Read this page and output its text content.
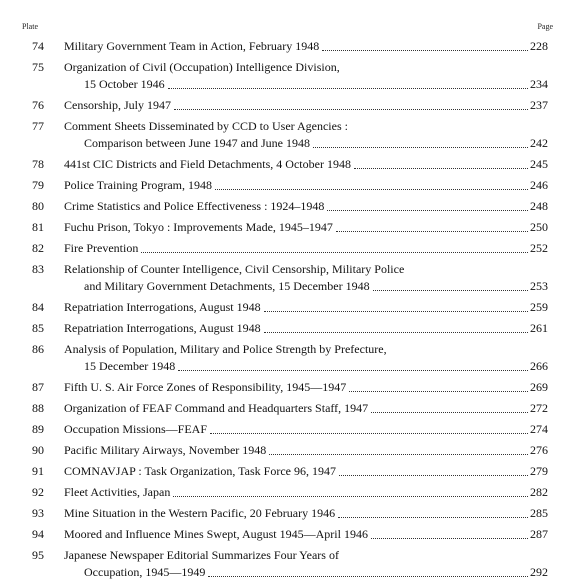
Plate	Page
74	Military Government Team in Action, February 1948	228
75	Organization of Civil (Occupation) Intelligence Division,
15 October 1946	234
76	Censorship, July 1947	237
77	Comment Sheets Disseminated by CCD to User Agencies :
Comparison between June 1947 and June 1948	242
78	441st CIC Districts and Field Detachments, 4 October 1948	245
79	Police Training Program, 1948	246
80	Crime Statistics and Police Effectiveness : 1924–1948	248
81	Fuchu Prison, Tokyo : Improvements Made, 1945–1947	250
82	Fire Prevention	252
83	Relationship of Counter Intelligence, Civil Censorship, Military Police
and Military Government Detachments, 15 December 1948	253
84	Repatriation Interrogations, August 1948	259
85	Repatriation Interrogations, August 1948	261
86	Analysis of Population, Military and Police Strength by Prefecture,
15 December 1948	266
87	Fifth U. S. Air Force Zones of Responsibility, 1945—1947	269
88	Organization of FEAF Command and Headquarters Staff, 1947	272
89	Occupation Missions—FEAF	274
90	Pacific Military Airways, November 1948	276
91	COMNAVJAP : Task Organization, Task Force 96, 1947	279
92	Fleet Activities, Japan	282
93	Mine Situation in the Western Pacific, 20 February 1946	285
94	Moored and Influence Mines Swept, August 1945—April 1946	287
95	Japanese Newspaper Editorial Summarizes Four Years of
Occupation, 1945—1949	292
